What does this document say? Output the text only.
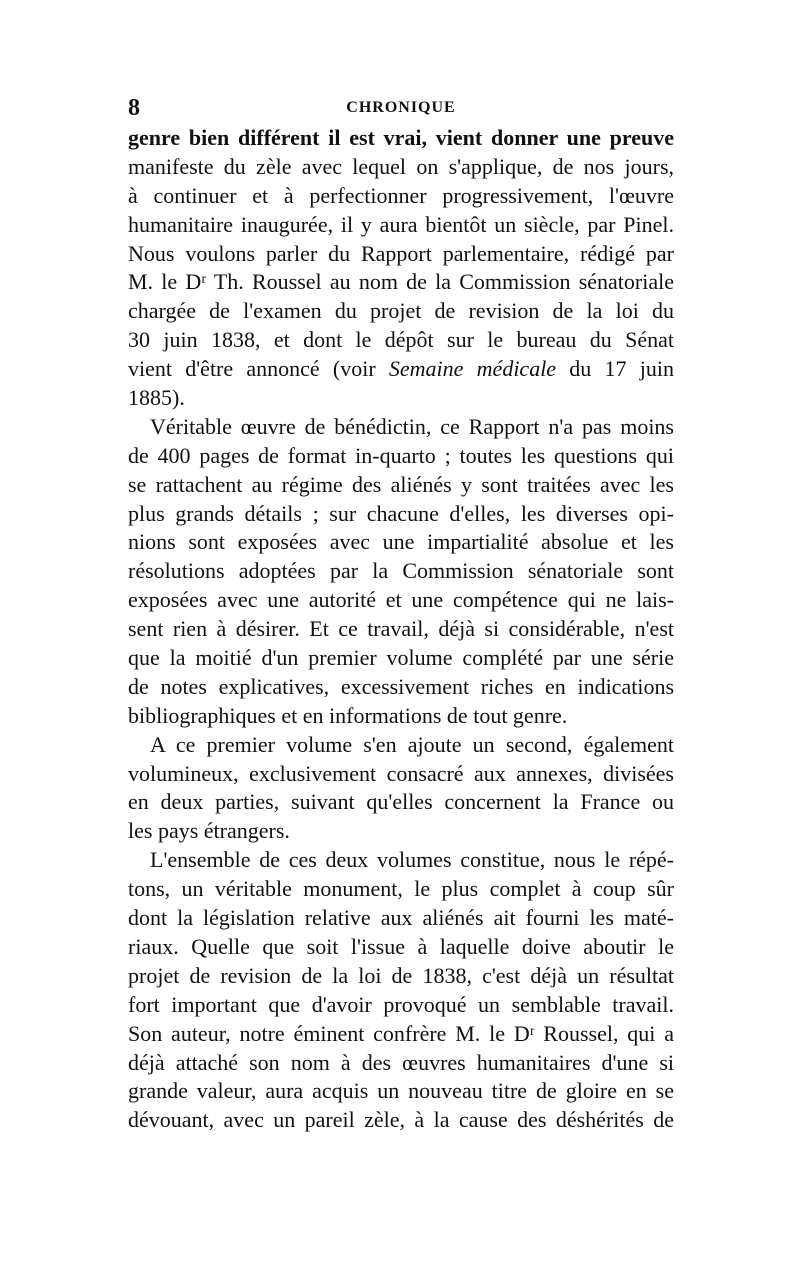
8	CHRONIQUE
genre bien différent il est vrai, vient donner une preuve
manifeste du zèle avec lequel on s'applique, de nos jours,
à continuer et à perfectionner progressivement, l'œuvre
humanitaire inaugurée, il y aura bientôt un siècle, par Pinel.
Nous voulons parler du Rapport parlementaire, rédigé par
M. le Dʳ Th. Roussel au nom de la Commission sénatoriale
chargée de l'examen du projet de revision de la loi du
30 juin 1838, et dont le dépôt sur le bureau du Sénat
vient d'être annoncé (voir Semaine médicale du 17 juin
1885).
Véritable œuvre de bénédictin, ce Rapport n'a pas moins
de 400 pages de format in-quarto ; toutes les questions qui
se rattachent au régime des aliénés y sont traitées avec les
plus grands détails ; sur chacune d'elles, les diverses opi-
nions sont exposées avec une impartialité absolue et les
résolutions adoptées par la Commission sénatoriale sont
exposées avec une autorité et une compétence qui ne lais-
sent rien à désirer. Et ce travail, déjà si considérable, n'est
que la moitié d'un premier volume complété par une série
de notes explicatives, excessivement riches en indications
bibliographiques et en informations de tout genre.
A ce premier volume s'en ajoute un second, également
volumineux, exclusivement consacré aux annexes, divisées
en deux parties, suivant qu'elles concernent la France ou
les pays étrangers.
L'ensemble de ces deux volumes constitue, nous le répé-
tons, un véritable monument, le plus complet à coup sûr
dont la législation relative aux aliénés ait fourni les maté-
riaux. Quelle que soit l'issue à laquelle doive aboutir le
projet de revision de la loi de 1838, c'est déjà un résultat
fort important que d'avoir provoqué un semblable travail.
Son auteur, notre éminent confrère M. le Dʳ Roussel, qui a
déjà attaché son nom à des œuvres humanitaires d'une si
grande valeur, aura acquis un nouveau titre de gloire en se
dévouant, avec un pareil zèle, à la cause des déshérités de
